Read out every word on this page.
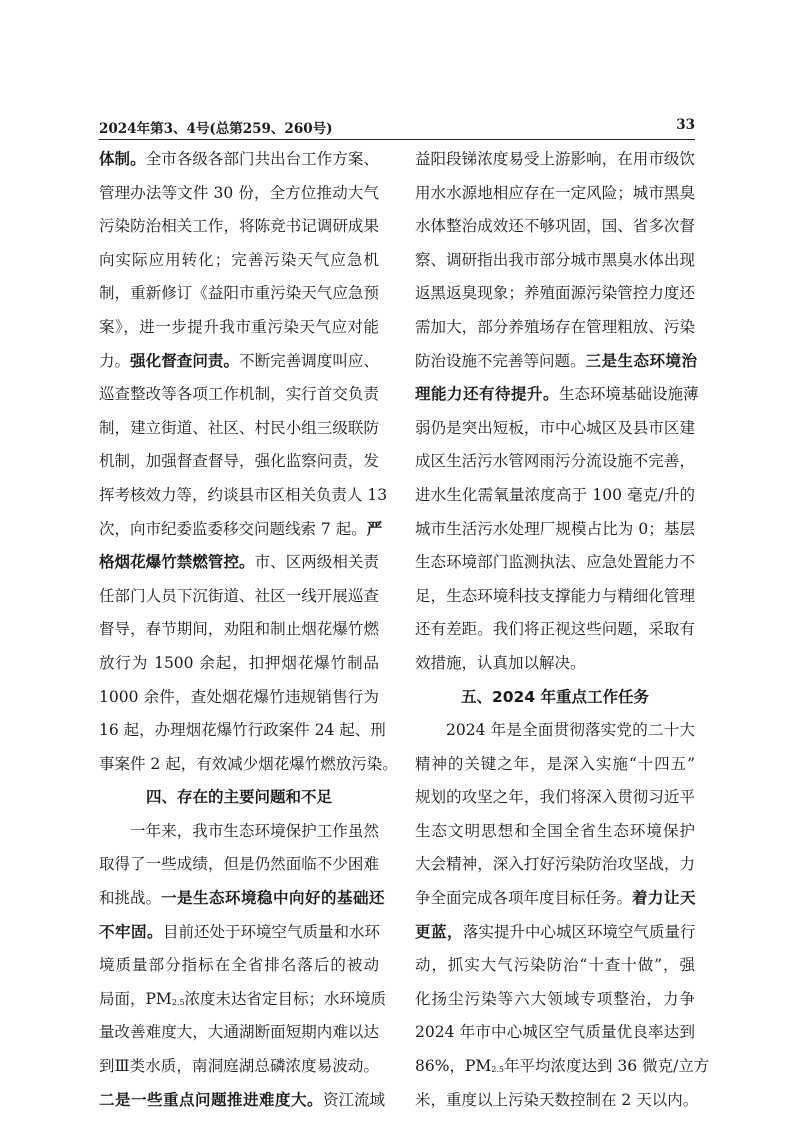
2024年第3、4号(总第259、260号)	33
体制。全市各级各部门共出台工作方案、
管理办法等文件 30 份，全方位推动大气
污染防治相关工作，将陈竞书记调研成果
向实际应用转化；完善污染天气应急机
制，重新修订《益阳市重污染天气应急预
案》，进一步提升我市重污染天气应对能
力。强化督查问责。不断完善调度叫应、
巡查整改等各项工作机制，实行首交负责
制，建立街道、社区、村民小组三级联防
机制，加强督查督导，强化监察问责，发
挥考核效力等，约谈县市区相关负责人 13
次，向市纪委监委移交问题线索 7 起。严
格烟花爆竹禁燃管控。市、区两级相关责
任部门人员下沉街道、社区一线开展巡查
督导，春节期间，劝阻和制止烟花爆竹燃
放行为 1500 余起，扣押烟花爆竹制品
1000 余件，查处烟花爆竹违规销售行为
16 起，办理烟花爆竹行政案件 24 起、刑
事案件 2 起，有效减少烟花爆竹燃放污染。
四、存在的主要问题和不足
一年来，我市生态环境保护工作虽然
取得了一些成绩，但是仍然面临不少困难
和挑战。一是生态环境稳中向好的基础还
不牢固。目前还处于环境空气质量和水环
境质量部分指标在全省排名落后的被动
局面，$PM_{2.5}$浓度未达省定目标；水环境质
量改善难度大，大通湖断面短期内难以达
到Ⅲ类水质，南洞庭湖总磷浓度易波动。
二是一些重点问题推进难度大。资江流域
益阳段锑浓度易受上游影响，在用市级饮
用水水源地相应存在一定风险；城市黑臭
水体整治成效还不够巩固，国、省多次督
察、调研指出我市部分城市黑臭水体出现
返黑返臭现象；养殖面源污染管控力度还
需加大，部分养殖场存在管理粗放、污染
防治设施不完善等问题。三是生态环境治
理能力还有待提升。生态环境基础设施薄
弱仍是突出短板，市中心城区及县市区建
成区生活污水管网雨污分流设施不完善，
进水生化需氧量浓度高于 100 毫克/升的
城市生活污水处理厂规模占比为 0；基层
生态环境部门监测执法、应急处置能力不
足，生态环境科技支撑能力与精细化管理
还有差距。我们将正视这些问题，采取有
效措施，认真加以解决。
五、2024 年重点工作任务
2024 年是全面贯彻落实党的二十大
精神的关键之年，是深入实施“十四五”
规划的攻坚之年，我们将深入贯彻习近平
生态文明思想和全国全省生态环境保护
大会精神，深入打好污染防治攻坚战，力
争全面完成各项年度目标任务。着力让天
更蓝，落实提升中心城区环境空气质量行
动，抓实大气污染防治“十查十做”，强
化扬尘污染等六大领域专项整治，力争
2024 年市中心城区空气质量优良率达到
86%，$PM_{2.5}$年平均浓度达到 36 微克/立方
米，重度以上污染天数控制在 2 天以内。
